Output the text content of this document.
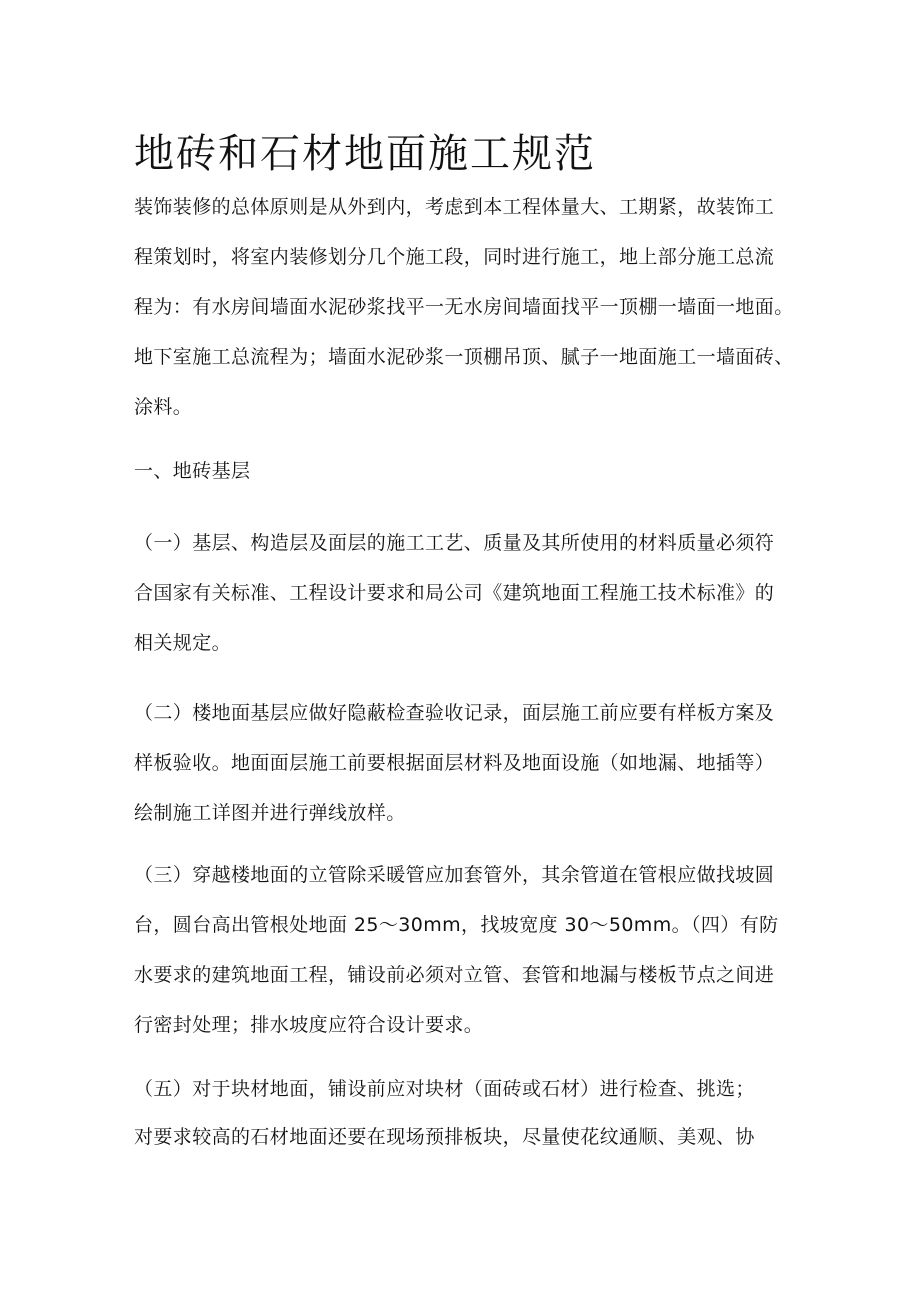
地砖和石材地面施工规范
装饰装修的总体原则是从外到内，考虑到本工程体量大、工期紧，故装饰工
程策划时，将室内装修划分几个施工段，同时进行施工，地上部分施工总流
程为：有水房间墙面水泥砂浆找平一无水房间墙面找平一顶棚一墙面一地面。
地下室施工总流程为；墙面水泥砂浆一顶棚吊顶、腻子一地面施工一墙面砖、
涂料。
一、地砖基层
（一）基层、构造层及面层的施工工艺、质量及其所使用的材料质量必须符
合国家有关标准、工程设计要求和局公司《建筑地面工程施工技术标准》的
相关规定。
（二）楼地面基层应做好隐蔽检查验收记录，面层施工前应要有样板方案及
样板验收。地面面层施工前要根据面层材料及地面设施（如地漏、地插等）
绘制施工详图并进行弹线放样。
（三）穿越楼地面的立管除采暖管应加套管外，其余管道在管根应做找坡圆
台，圆台高出管根处地面 25～30mm，找坡宽度 30～50mm。（四）有防
水要求的建筑地面工程，铺设前必须对立管、套管和地漏与楼板节点之间进
行密封处理；排水坡度应符合设计要求。
（五）对于块材地面，铺设前应对块材（面砖或石材）进行检查、挑选；
对要求较高的石材地面还要在现场预排板块，尽量使花纹通顺、美观、协
